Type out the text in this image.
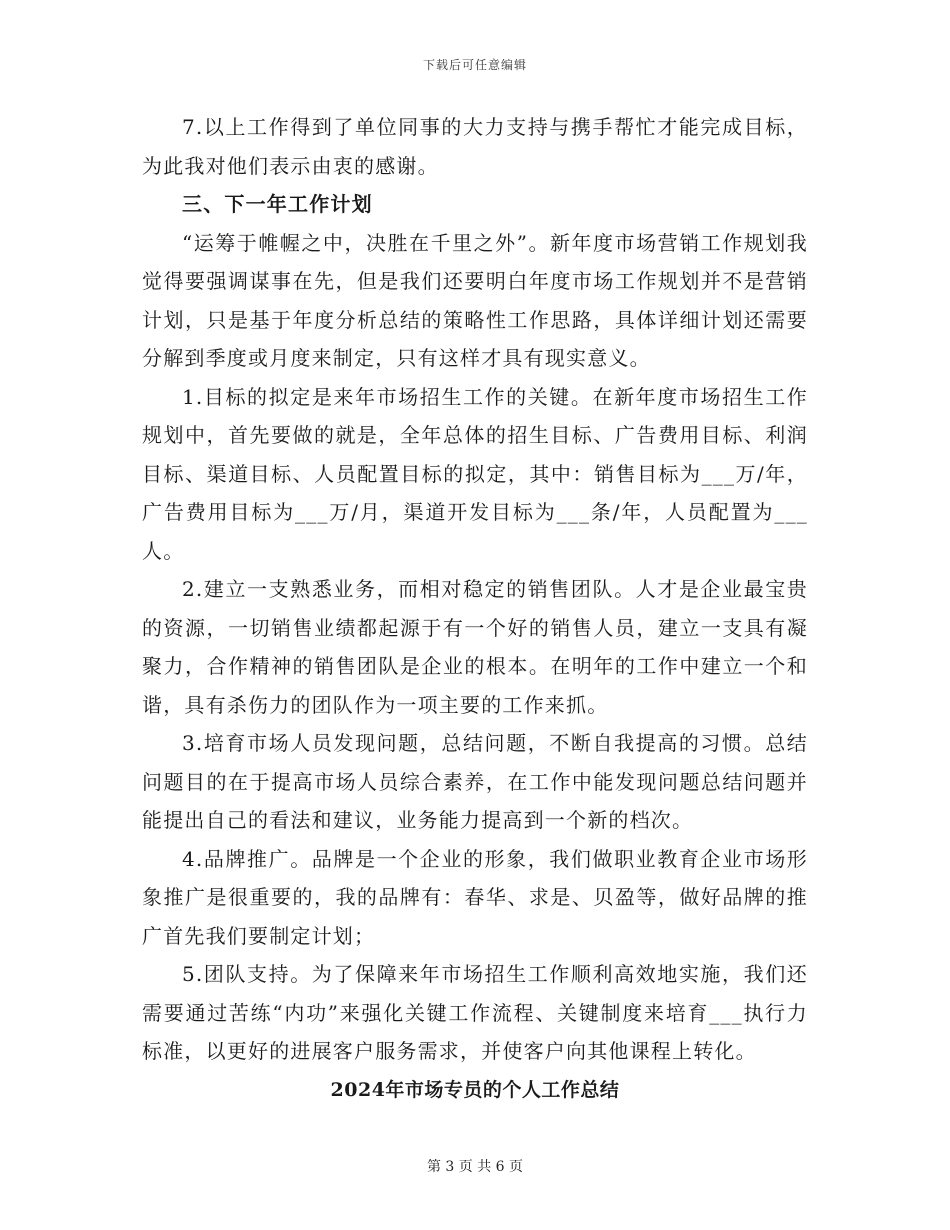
下载后可任意编辑

7.以上工作得到了单位同事的大力支持与携手帮忙才能完成目标，为此我对他们表示由衷的感谢。

三、下一年工作计划

“运筹于帷幄之中，决胜在千里之外”。新年度市场营销工作规划我觉得要强调谋事在先，但是我们还要明白年度市场工作规划并不是营销计划，只是基于年度分析总结的策略性工作思路，具体详细计划还需要分解到季度或月度来制定，只有这样才具有现实意义。

1.目标的拟定是来年市场招生工作的关键。在新年度市场招生工作规划中，首先要做的就是，全年总体的招生目标、广告费用目标、利润目标、渠道目标、人员配置目标的拟定，其中：销售目标为___万/年，广告费用目标为___万/月，渠道开发目标为___条/年，人员配置为___人。

2.建立一支熟悉业务，而相对稳定的销售团队。人才是企业最宝贵的资源，一切销售业绩都起源于有一个好的销售人员，建立一支具有凝聚力，合作精神的销售团队是企业的根本。在明年的工作中建立一个和谐，具有杀伤力的团队作为一项主要的工作来抓。

3.培育市场人员发现问题，总结问题，不断自我提高的习惯。总结问题目的在于提高市场人员综合素养，在工作中能发现问题总结问题并能提出自己的看法和建议，业务能力提高到一个新的档次。

4.品牌推广。品牌是一个企业的形象，我们做职业教育企业市场形象推广是很重要的，我的品牌有：春华、求是、贝盈等，做好品牌的推广首先我们要制定计划；

5.团队支持。为了保障来年市场招生工作顺利高效地实施，我们还需要通过苦练“内功”来强化关键工作流程、关键制度来培育___执行力标准，以更好的进展客户服务需求，并使客户向其他课程上转化。

2024年市场专员的个人工作总结

第 3 页 共 6 页
